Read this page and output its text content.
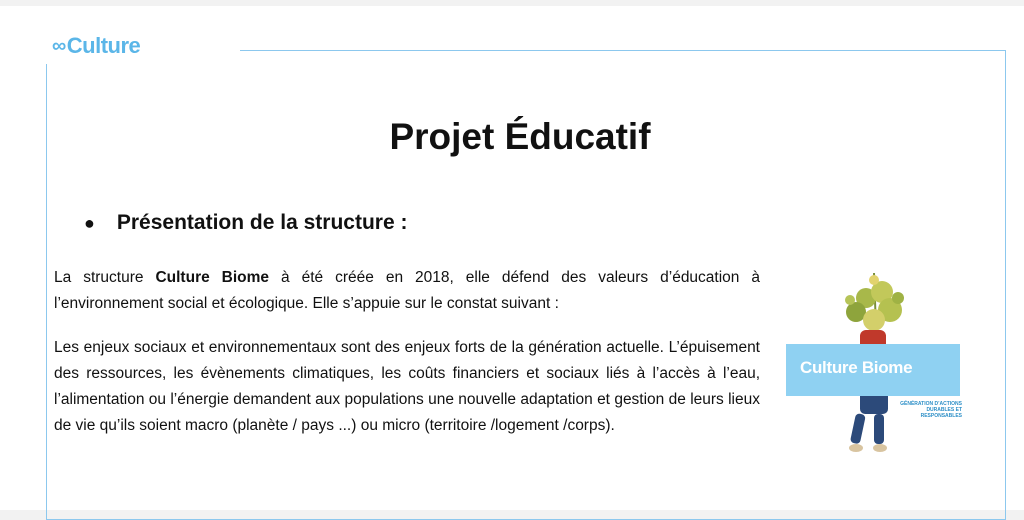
∞ Culture
Projet Éducatif
● Présentation de la structure :
La structure Culture Biome à été créée en 2018, elle défend des valeurs d’éducation à l’environnement social et écologique. Elle s’appuie sur le constat suivant :
Les enjeux sociaux et environnementaux sont des enjeux forts de la génération actuelle. L’épuisement des ressources, les évènements climatiques, les coûts financiers et sociaux liés à l’accès à l’eau, l’alimentation ou l’énergie demandent aux populations une nouvelle adaptation et gestion de leurs lieux de vie qu’ils soient macro (planète / pays ...) ou micro (territoire /logement /corps).
Culture Biome
GÉNÉRATION D’ACTIONS DURABLES ET RESPONSABLES
